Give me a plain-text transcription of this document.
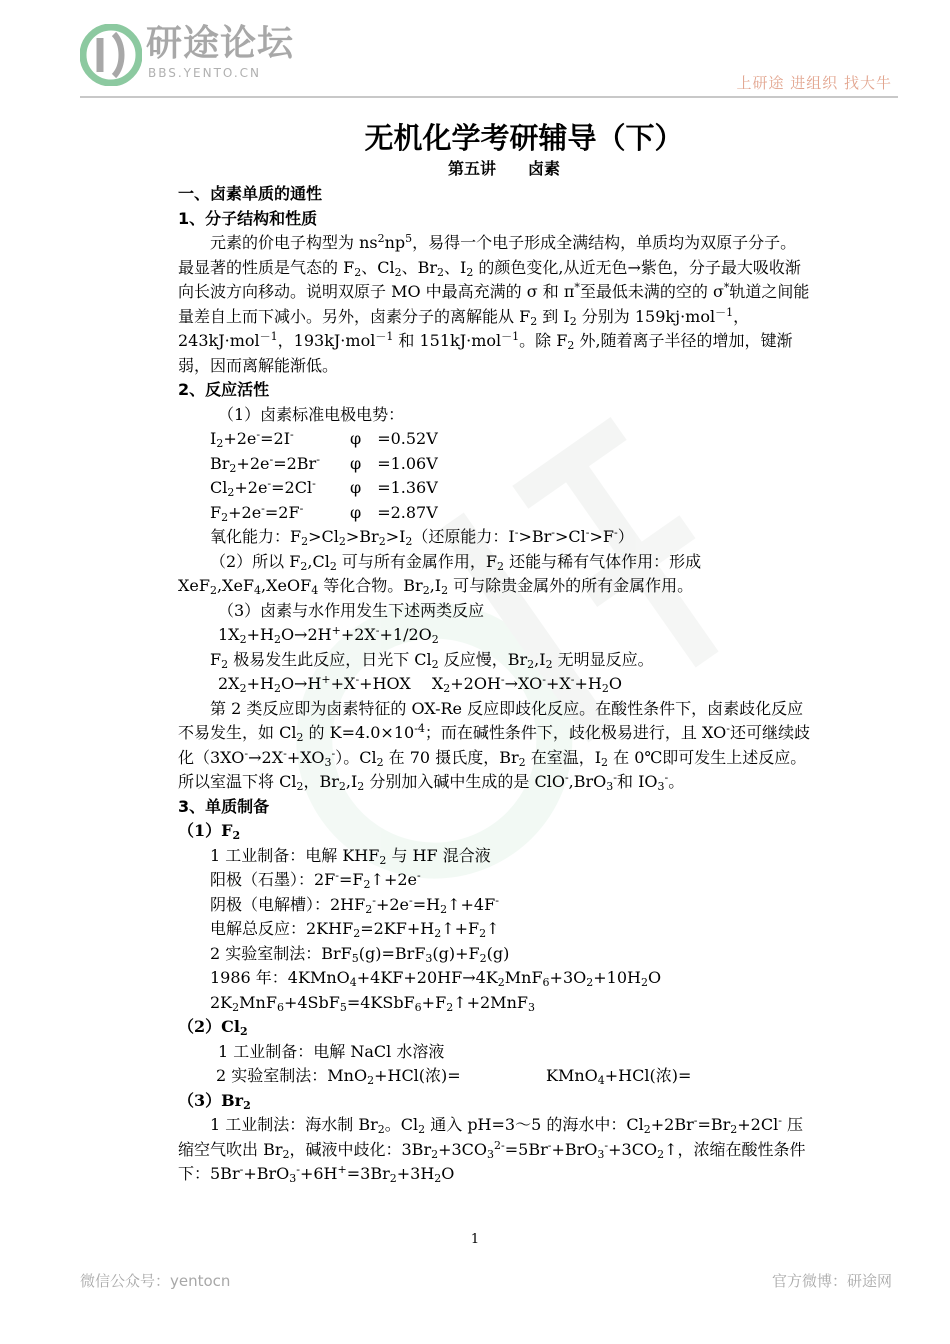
研途论坛
BBS.YENTO.CN
上研途 进组织 找大牛
无机化学考研辅导（下）
第五讲　　卤素

一、卤素单质的通性

1、分子结构和性质

元素的价电子构型为 $ns^2np^5$，易得一个电子形成全满结构，单质均为双原子分子。最显著的性质是气态的 $F_2$、$Cl_2$、$Br_2$、$I_2$ 的颜色变化,从近无色→紫色，分子最大吸收渐向长波方向移动。说明双原子 MO 中最高充满的 σ 和 π*至最低未满的空的 σ*轨道之间能量差自上而下减小。另外，卤素分子的离解能从 $F_2$ 到 $I_2$ 分别为 159kj·mol$^{-1}$，243kJ·mol$^{-1}$，193kJ·mol$^{-1}$ 和 151kJ·mol$^{-1}$。除 $F_2$ 外,随着离子半径的增加，键渐弱，因而离解能渐低。

2、反应活性

（1）卤素标准电极电势：

$I_2+2e^-=2I^-$	φ　=0.52V
$Br_2+2e^-=2Br^-$	φ　=1.06V
$Cl_2+2e^-=2Cl^-$	φ　=1.36V
$F_2+2e^-=2F^-$	φ　=2.87V

氧化能力：$F_2>Cl_2>Br_2>I_2$（还原能力：I->Br->Cl->F-）

（2）所以 $F_2,Cl_2$ 可与所有金属作用，$F_2$ 还能与稀有气体作用：形成 XeF$_2$,XeF$_4$,XeOF$_4$ 等化合物。$Br_2,I_2$ 可与除贵金属外的所有金属作用。

（3）卤素与水作用发生下述两类反应

$1X_2+H_2O\to 2H^++2X^-+1/2O_2$

$F_2$ 极易发生此反应，日光下 $Cl_2$ 反应慢，$Br_2,I_2$ 无明显反应。

$2X_2+H_2O\to H^++X^-+HOX$　 $X_2+2OH^-\to XO^-+X^-+H_2O$

第 2 类反应即为卤素特征的 OX-Re 反应即歧化反应。在酸性条件下，卤素歧化反应不易发生，如 $Cl_2$ 的 $K=4.0\times 10^{-4}$；而在碱性条件下，歧化极易进行，且 XO-还可继续歧化$(3XO^-\to 2X^-+XO_3^-)$。$Cl_2$ 在 70 摄氏度，$Br_2$ 在室温，$I_2$ 在 0℃即可发生上述反应。所以室温下将 $Cl_2$，$Br_2,I_2$ 分别加入碱中生成的是 ClO-,BrO$_3$-和 $IO_3^-$。

3、单质制备

$(1)F_2$

1 工业制备：电解 $KHF_2$ 与 HF 混合液

阳极（石墨）：$2F^-=F_2↑+2e^-$

阴极（电解槽）：$2HF_2^-+2e^-=H_2↑+4F^-$

电解总反应：$2KHF_2=2KF+H_2↑+F_2↑$

2 实验室制法：$BrF_5(g)=BrF_3(g)+F_2(g)$

1986 年：$4KMnO_4+4KF+20HF\to 4K_2MnF_6+3O_2+10H_2O$

$2K_2MnF_6+4SbF_5=4KSbF_6+F_2↑+2MnF_3$

$(2)Cl_2$

1 工业制备：电解 NaCl 水溶液

2 实验室制法：MnO$_2$+HCl(浓)=	KMnO$_4$+HCl(浓)=

$(3)Br_2$

1 工业制法：海水制 $Br_2$。$Cl_2$ 通入 pH=3～5 的海水中：$Cl_2+2Br^-=Br_2+2Cl^-$ 压缩空气吹出 $Br_2$，碱液中歧化：$3Br_2+3CO_3^{2-}=5Br^-+BrO_3^-+3CO_2↑$，浓缩在酸性条件下：$5Br^-+BrO_3^-+6H^+=3Br_2+3H_2O$

1
微信公众号：yentocn	官方微博：研途网
